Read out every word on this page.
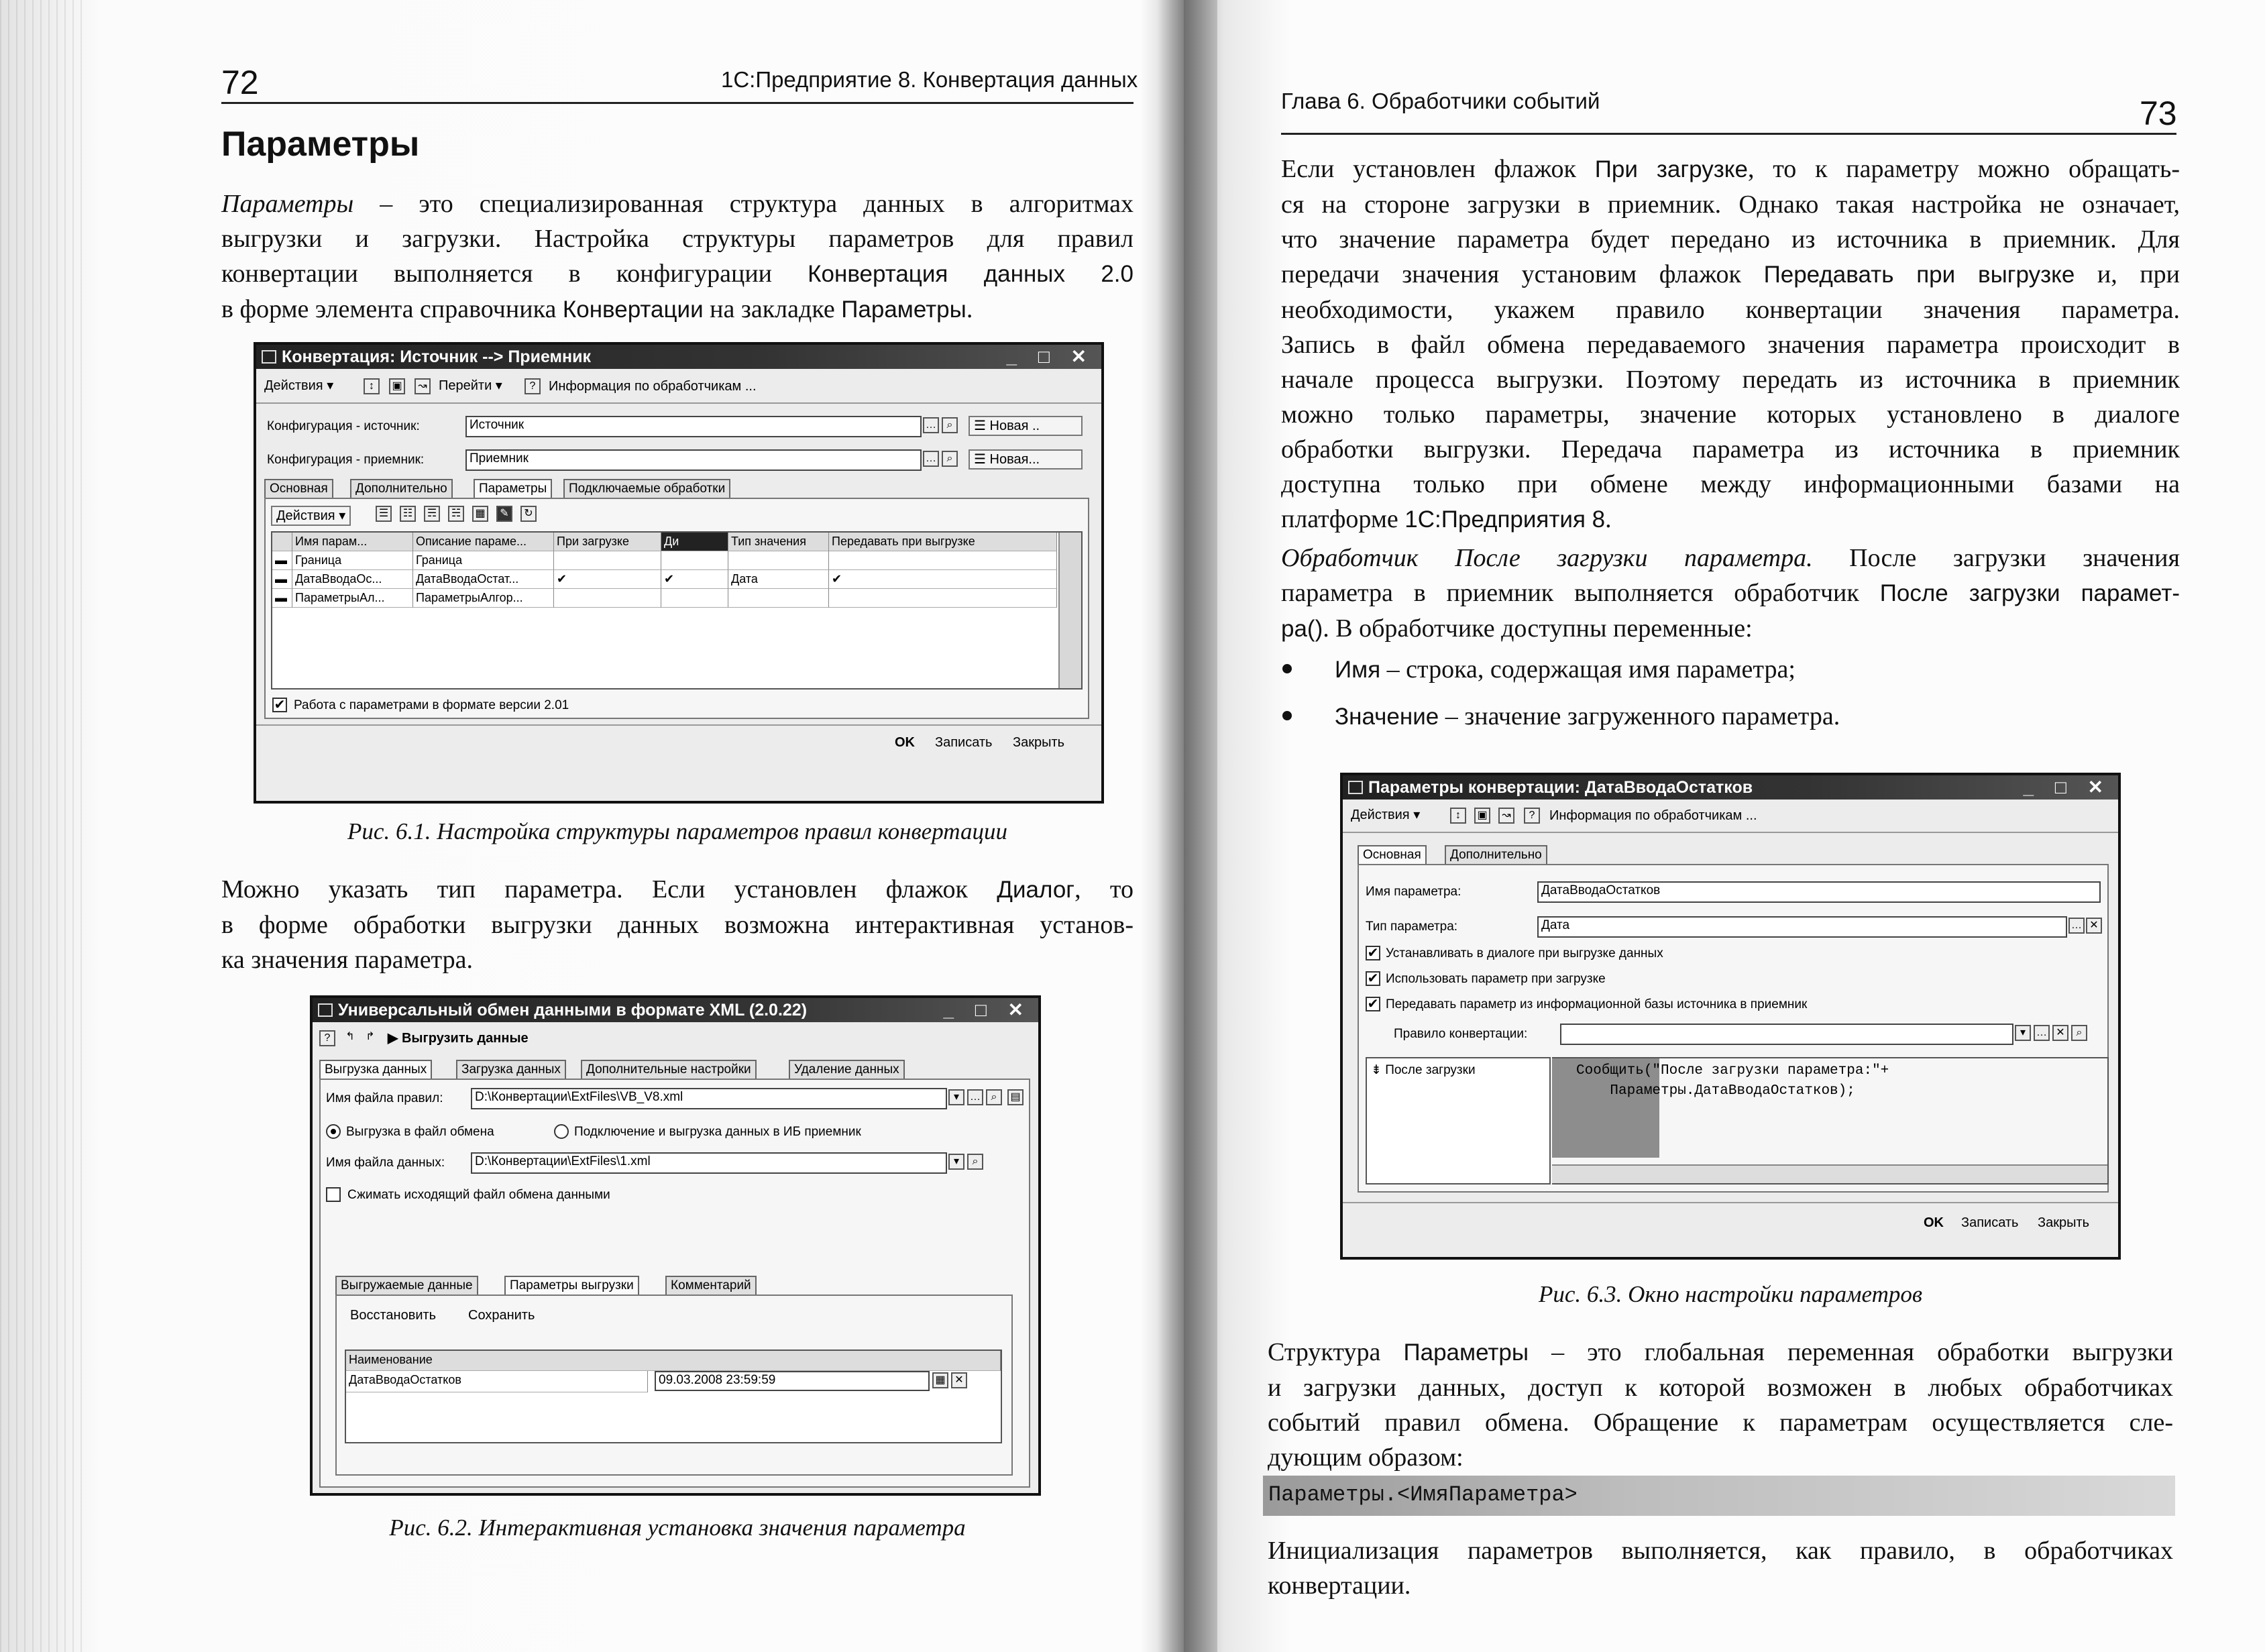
72	1С:Предприятие 8. Конвертация данных
Параметры
Параметры – это специализированная структура данных в алгоритмах
выгрузки и загрузки. Настройка структуры параметров для правил
конвертации выполняется в конфигурации Конвертация данных 2.0
в форме элемента справочника Конвертации на закладке Параметры.
Конвертация: Источник --> Приемник	_ □ ✕
Действия ▾	↕	▣	↝ Перейти ▾	? Информация по обработчикам ...
Конфигурация - источник:	Источник	… ⌕	☰ Новая ..
Конфигурация - приемник:	Приемник	… ⌕	☰ Новая...
Основная	Дополнительно	Параметры	Подключаемые обработки
Действия ▾	☰	☷	☴	☵	▦	✎	↻
Имя парам...	Описание параме...	При загрузке	Ди	Тип значения	Передавать при выгрузке
▬ Граница	Граница
▬ ДатаВводаОс...	ДатаВводаОстат...	✔	✔	Дата	✔
▬ ПараметрыАл...	ПараметрыАлгор...
✔ Работа с параметрами в формате версии 2.01
OK	Записать	Закрыть
Рис. 6.1. Настройка структуры параметров правил конвертации
Можно указать тип параметра. Если установлен флажок Диалог, то
в форме обработки выгрузки данных возможна интерактивная установ-
ка значения параметра.
Универсальный обмен данными в формате XML (2.0.22)	_ □ ✕
?	↰	↱ ▶ Выгрузить данные
Выгрузка данных	Загрузка данных	Дополнительные настройки	Удаление данных
Имя файла правил:	D:\Конвертации\ExtFiles\VB_V8.xml	▾ … ⌕	▤
Выгрузка в файл обмена	Подключение и выгрузка данных в ИБ приемник
Имя файла данных:	D:\Конвертации\ExtFiles\1.xml	▾	⌕
Сжимать исходящий файл обмена данными
Выгружаемые данные	Параметры выгрузки	Комментарий
Восстановить	Сохранить
Наименование
ДатаВводаОстатков	09.03.2008 23:59:59	▦ ✕
Рис. 6.2. Интерактивная установка значения параметра
Глава 6. Обработчики событий	73
Если установлен флажок При загрузке, то к параметру можно обращать-
ся на стороне загрузки в приемник. Однако такая настройка не означает,
что значение параметра будет передано из источника в приемник. Для
передачи значения установим флажок Передавать при выгрузке и, при
необходимости, укажем правило конвертации значения параметра.
Запись в файл обмена передаваемого значения параметра происходит в
начале процесса выгрузки. Поэтому передать из источника в приемник
можно только параметры, значение которых установлено в диалоге
обработки выгрузки. Передача параметра из источника в приемник
доступна только при обмене между информационными базами на
платформе 1С:Предприятия 8.
Обработчик После загрузки параметра. После загрузки значения
параметра в приемник выполняется обработчик После загрузки парамет-
ра(). В обработчике доступны переменные:
Имя – строка, содержащая имя параметра;
Значение – значение загруженного параметра.
Параметры конвертации: ДатаВводаОстатков	_ □ ✕
Действия ▾	↕	▣	↝	?	Информация по обработчикам ...
Основная	Дополнительно
Имя параметра:	ДатаВводаОстатков
Тип параметра:	Дата	… ✕
✔ Устанавливать в диалоге при выгрузке данных
✔ Использовать параметр при загрузке
✔ Передавать параметр из информационной базы источника в приемник
Правило конвертации:	▾ … ✕	⌕
⇟ После загрузки	Сообщить("После загрузки параметра:"+
Параметры.ДатаВводаОстатков);
OK	Записать	Закрыть
Рис. 6.3. Окно настройки параметров
Структура Параметры – это глобальная переменная обработки выгрузки
и загрузки данных, доступ к которой возможен в любых обработчиках
событий правил обмена. Обращение к параметрам осуществляется сле-
дующим образом:
Параметры.<ИмяПараметра>
Инициализация параметров выполняется, как правило, в обработчиках
конвертации.
